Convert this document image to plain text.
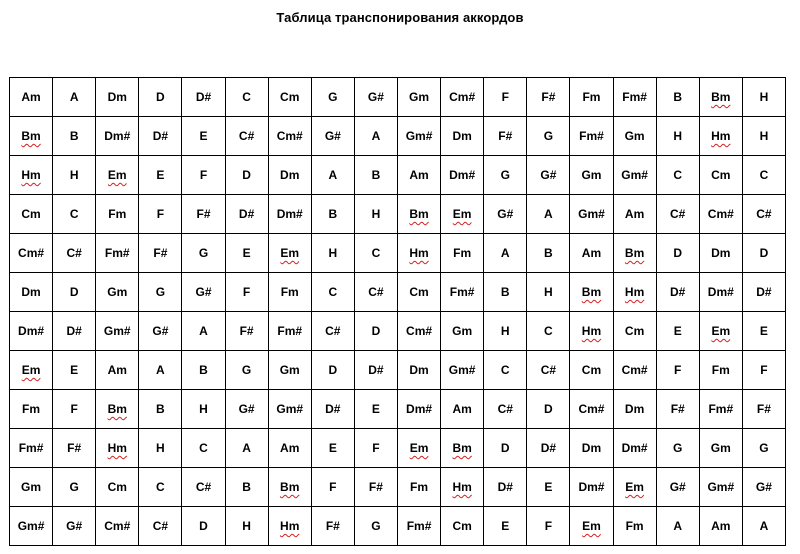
Таблица транспонирования аккордов
Am	A	Dm	D	D#	C	Cm	G	G#	Gm	Cm#	F	F#	Fm	Fm#	B	Bm	H
Bm	B	Dm#	D#	E	C#	Cm#	G#	A	Gm#	Dm	F#	G	Fm#	Gm	H	Hm	H
Hm	H	Em	E	F	D	Dm	A	B	Am	Dm#	G	G#	Gm	Gm#	C	Cm	C
Cm	C	Fm	F	F#	D#	Dm#	B	H	Bm	Em	G#	A	Gm#	Am	C#	Cm#	C#
Cm#	C#	Fm#	F#	G	E	Em	H	C	Hm	Fm	A	B	Am	Bm	D	Dm	D
Dm	D	Gm	G	G#	F	Fm	C	C#	Cm	Fm#	B	H	Bm	Hm	D#	Dm#	D#
Dm#	D#	Gm#	G#	A	F#	Fm#	C#	D	Cm#	Gm	H	C	Hm	Cm	E	Em	E
Em	E	Am	A	B	G	Gm	D	D#	Dm	Gm#	C	C#	Cm	Cm#	F	Fm	F
Fm	F	Bm	B	H	G#	Gm#	D#	E	Dm#	Am	C#	D	Cm#	Dm	F#	Fm#	F#
Fm#	F#	Hm	H	C	A	Am	E	F	Em	Bm	D	D#	Dm	Dm#	G	Gm	G
Gm	G	Cm	C	C#	B	Bm	F	F#	Fm	Hm	D#	E	Dm#	Em	G#	Gm#	G#
Gm#	G#	Cm#	C#	D	H	Hm	F#	G	Fm#	Cm	E	F	Em	Fm	A	Am	A
